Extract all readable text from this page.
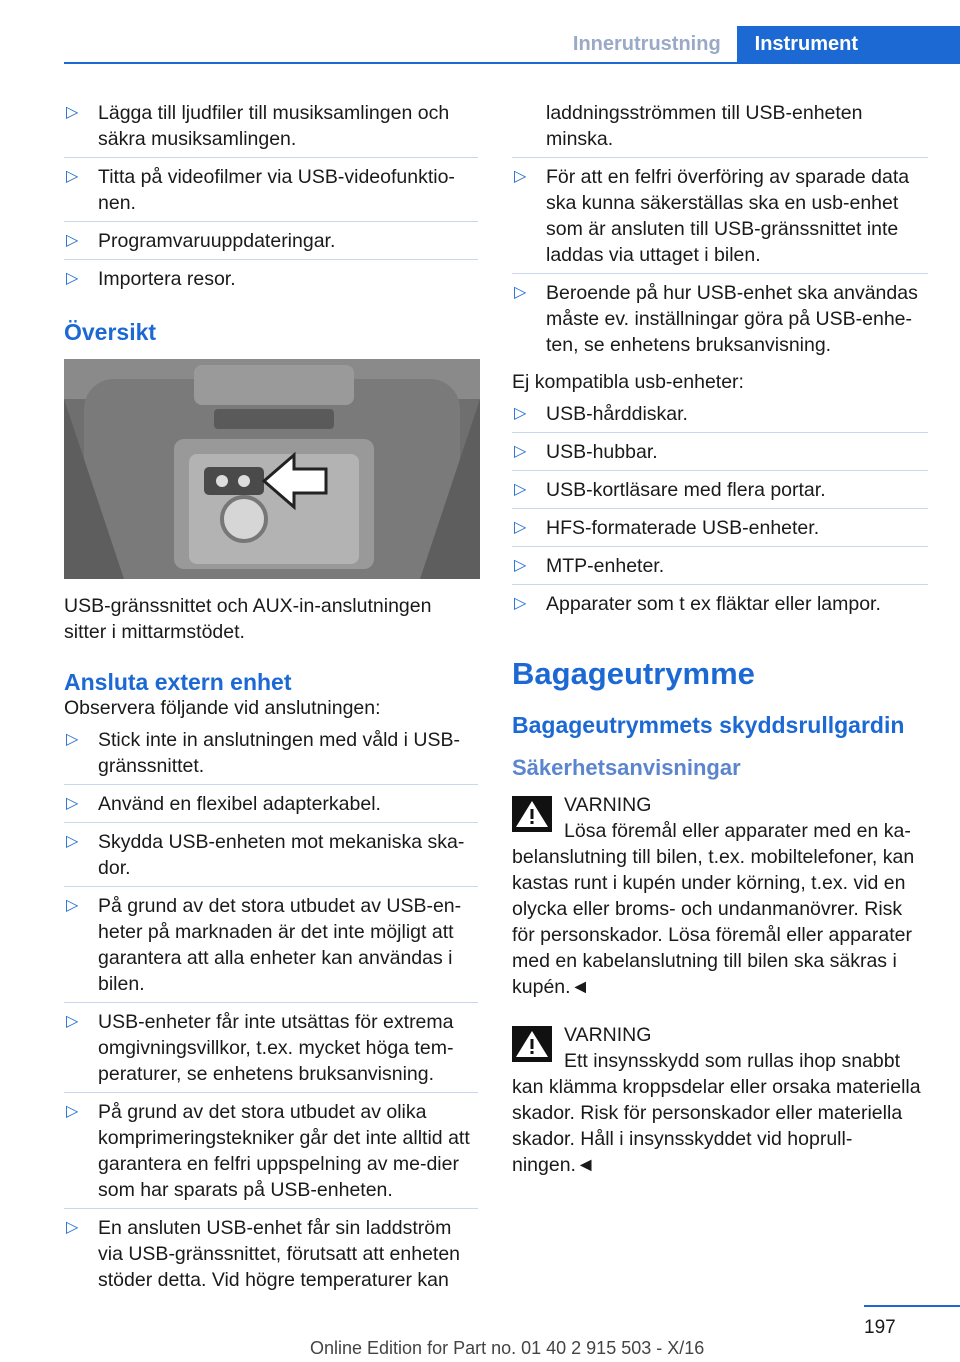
Innerutrustning	Instrument
▷ Lägga till ljudfiler till musiksamlingen och säkra musiksamlingen.
▷ Titta på videofilmer via USB-videofunktio-nen.
▷ Programvaruuppdateringar.
▷ Importera resor.
Översikt
USB-gränssnittet och AUX-in-anslutningen sitter i mittarmstödet.
Ansluta extern enhet
Observera följande vid anslutningen:
▷ Stick inte in anslutningen med våld i USB-gränssnittet.
▷ Använd en flexibel adapterkabel.
▷ Skydda USB-enheten mot mekaniska ska-dor.
▷ På grund av det stora utbudet av USB-en-heter på marknaden är det inte möjligt att garantera att alla enheter kan användas i bilen.
▷ USB-enheter får inte utsättas för extrema omgivningsvillkor, t.ex. mycket höga tem-peraturer, se enhetens bruksanvisning.
▷ På grund av det stora utbudet av olika komprimeringstekniker går det inte alltid att garantera en felfri uppspelning av me-dier som har sparats på USB-enheten.
▷ En ansluten USB-enhet får sin laddström via USB-gränssnittet, förutsatt att enheten stöder detta. Vid högre temperaturer kan
laddningsströmmen till USB-enheten minska.
▷ För att en felfri överföring av sparade data ska kunna säkerställas ska en usb-enhet som är ansluten till USB-gränssnittet inte laddas via uttaget i bilen.
▷ Beroende på hur USB-enhet ska användas måste ev. inställningar göra på USB-enhe-ten, se enhetens bruksanvisning.
Ej kompatibla usb-enheter:
▷ USB-hårddiskar.
▷ USB-hubbar.
▷ USB-kortläsare med flera portar.
▷ HFS-formaterade USB-enheter.
▷ MTP-enheter.
▷ Apparater som t ex fläktar eller lampor.
Bagageutrymme
Bagageutrymmets skyddsrullgardin
Säkerhetsanvisningar
VARNING
Lösa föremål eller apparater med en ka-belanslutning till bilen, t.ex. mobiltelefoner, kan kastas runt i kupén under körning, t.ex. vid en olycka eller broms- och undanmanövrer. Risk för personskador. Lösa föremål eller apparater med en kabelanslutning till bilen ska säkras i kupén.◄
VARNING
Ett insynsskydd som rullas ihop snabbt kan klämma kroppsdelar eller orsaka materiella skador. Risk för personskador eller materiella skador. Håll i insynsskyddet vid hoprull-ningen.◄
197
Online Edition for Part no. 01 40 2 915 503 - X/16
